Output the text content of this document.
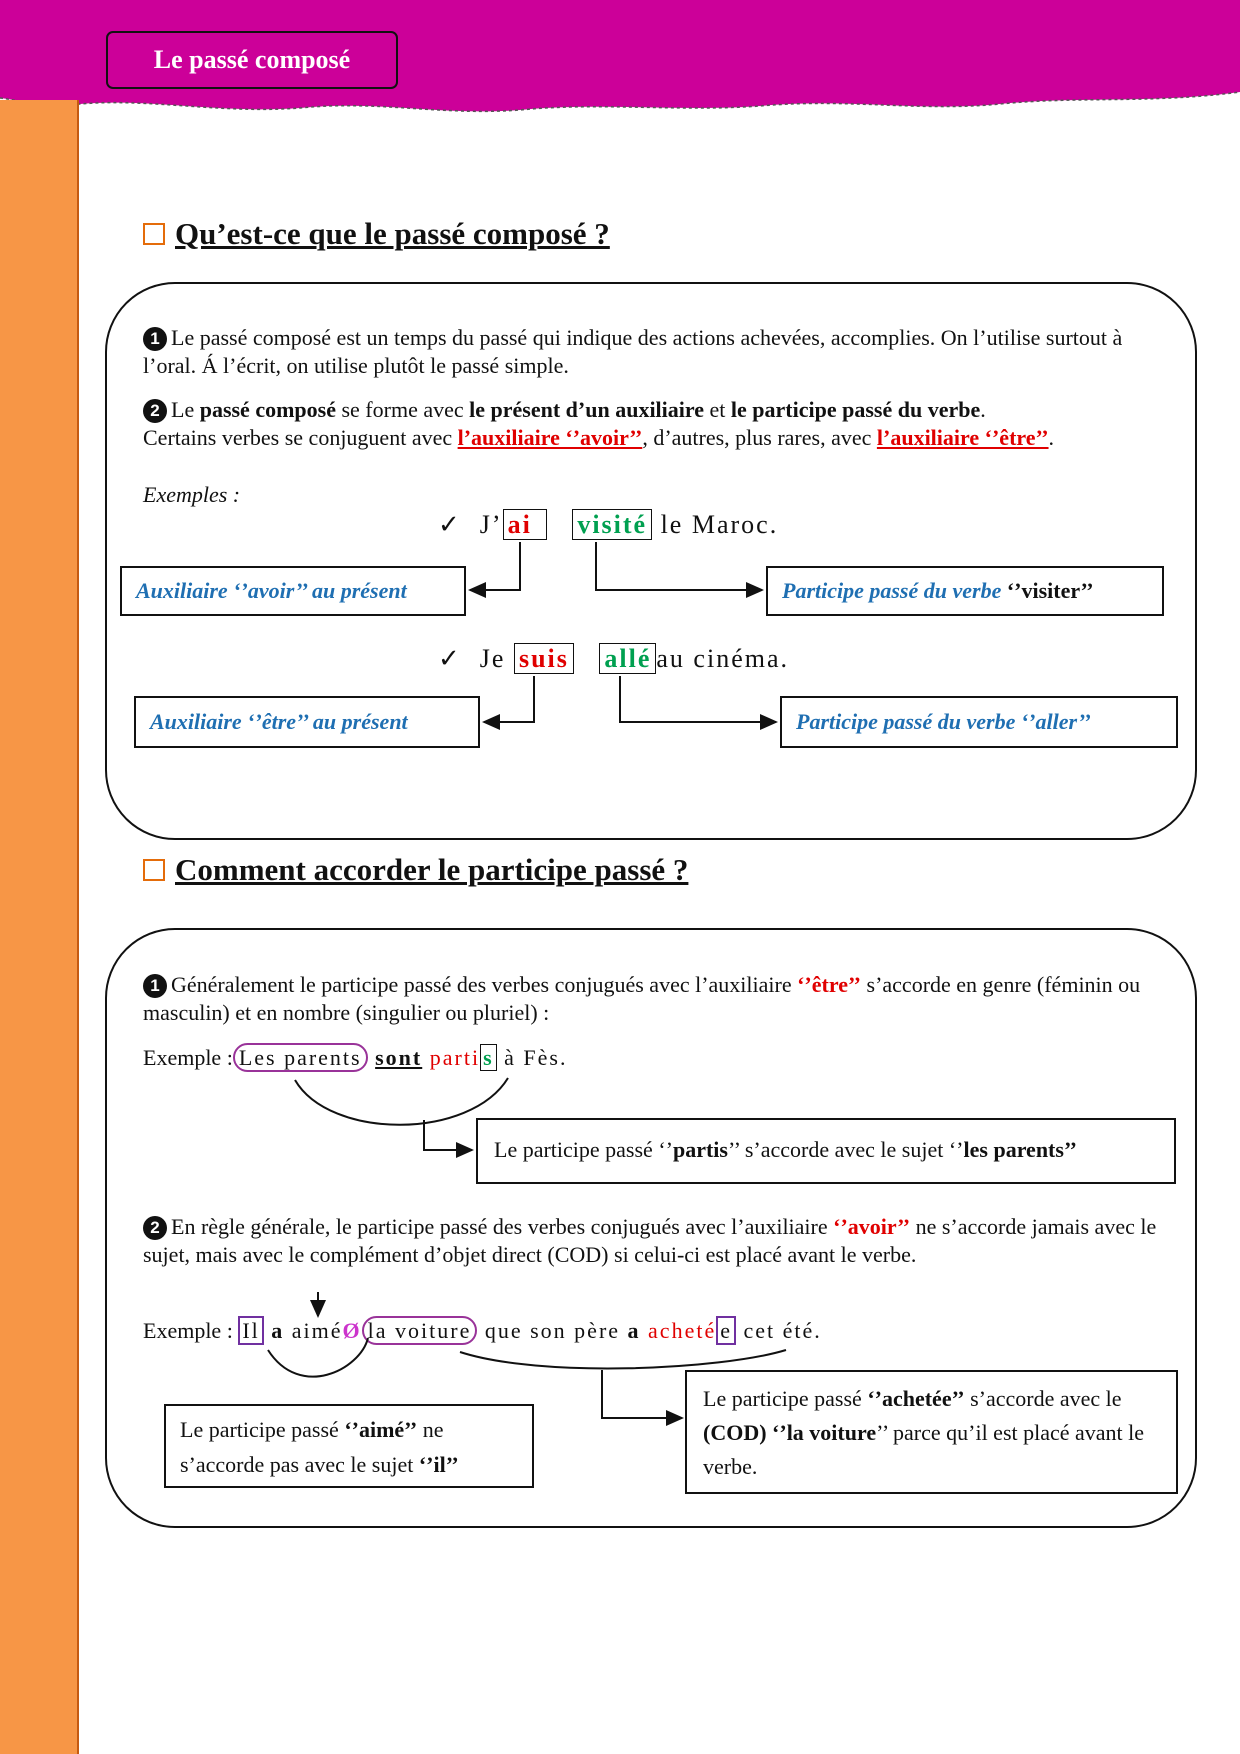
Le passé composé
Qu’est-ce que le passé composé ?
1 Le passé composé est un temps du passé qui indique des actions achevées, accomplies. On l’utilise surtout à l’oral. Á l’écrit, on utilise plutôt le passé simple.
2 Le passé composé se forme avec le présent d’un auxiliaire et le participe passé du verbe.
Certains verbes se conjuguent avec l’auxiliaire ‘’avoir’’, d’autres, plus rares, avec l’auxiliaire ‘’être’’.
Exemples :
✓ J’ ai visité le Maroc.
Auxiliaire ‘’avoir’’ au présent	Participe passé du verbe ‘’visiter’’
✓ Je suis allé au cinéma.
Auxiliaire ‘’être’’ au présent	Participe passé du verbe ‘’aller’’
Comment accorder le participe passé ?
1 Généralement le participe passé des verbes conjugués avec l’auxiliaire ‘’être’’ s’accorde en genre (féminin ou masculin) et en nombre (singulier ou pluriel) :
Exemple : Les parents sont parti s à Fès.
Le participe passé ‘’partis’’ s’accorde avec le sujet ‘’les parents’’
2 En règle générale, le participe passé des verbes conjugués avec l’auxiliaire ‘’avoir’’ ne s’accorde jamais avec le sujet, mais avec le complément d’objet direct (COD) si celui-ci est placé avant le verbe.
Exemple : Il a aiméØ la voiture que son père a acheté e cet été.
Le participe passé ‘’aimé’’ ne s’accorde pas avec le sujet ‘’il’’
Le participe passé ‘’achetée’’ s’accorde avec le (COD) ‘’la voiture’’ parce qu’il est placé avant le verbe.
